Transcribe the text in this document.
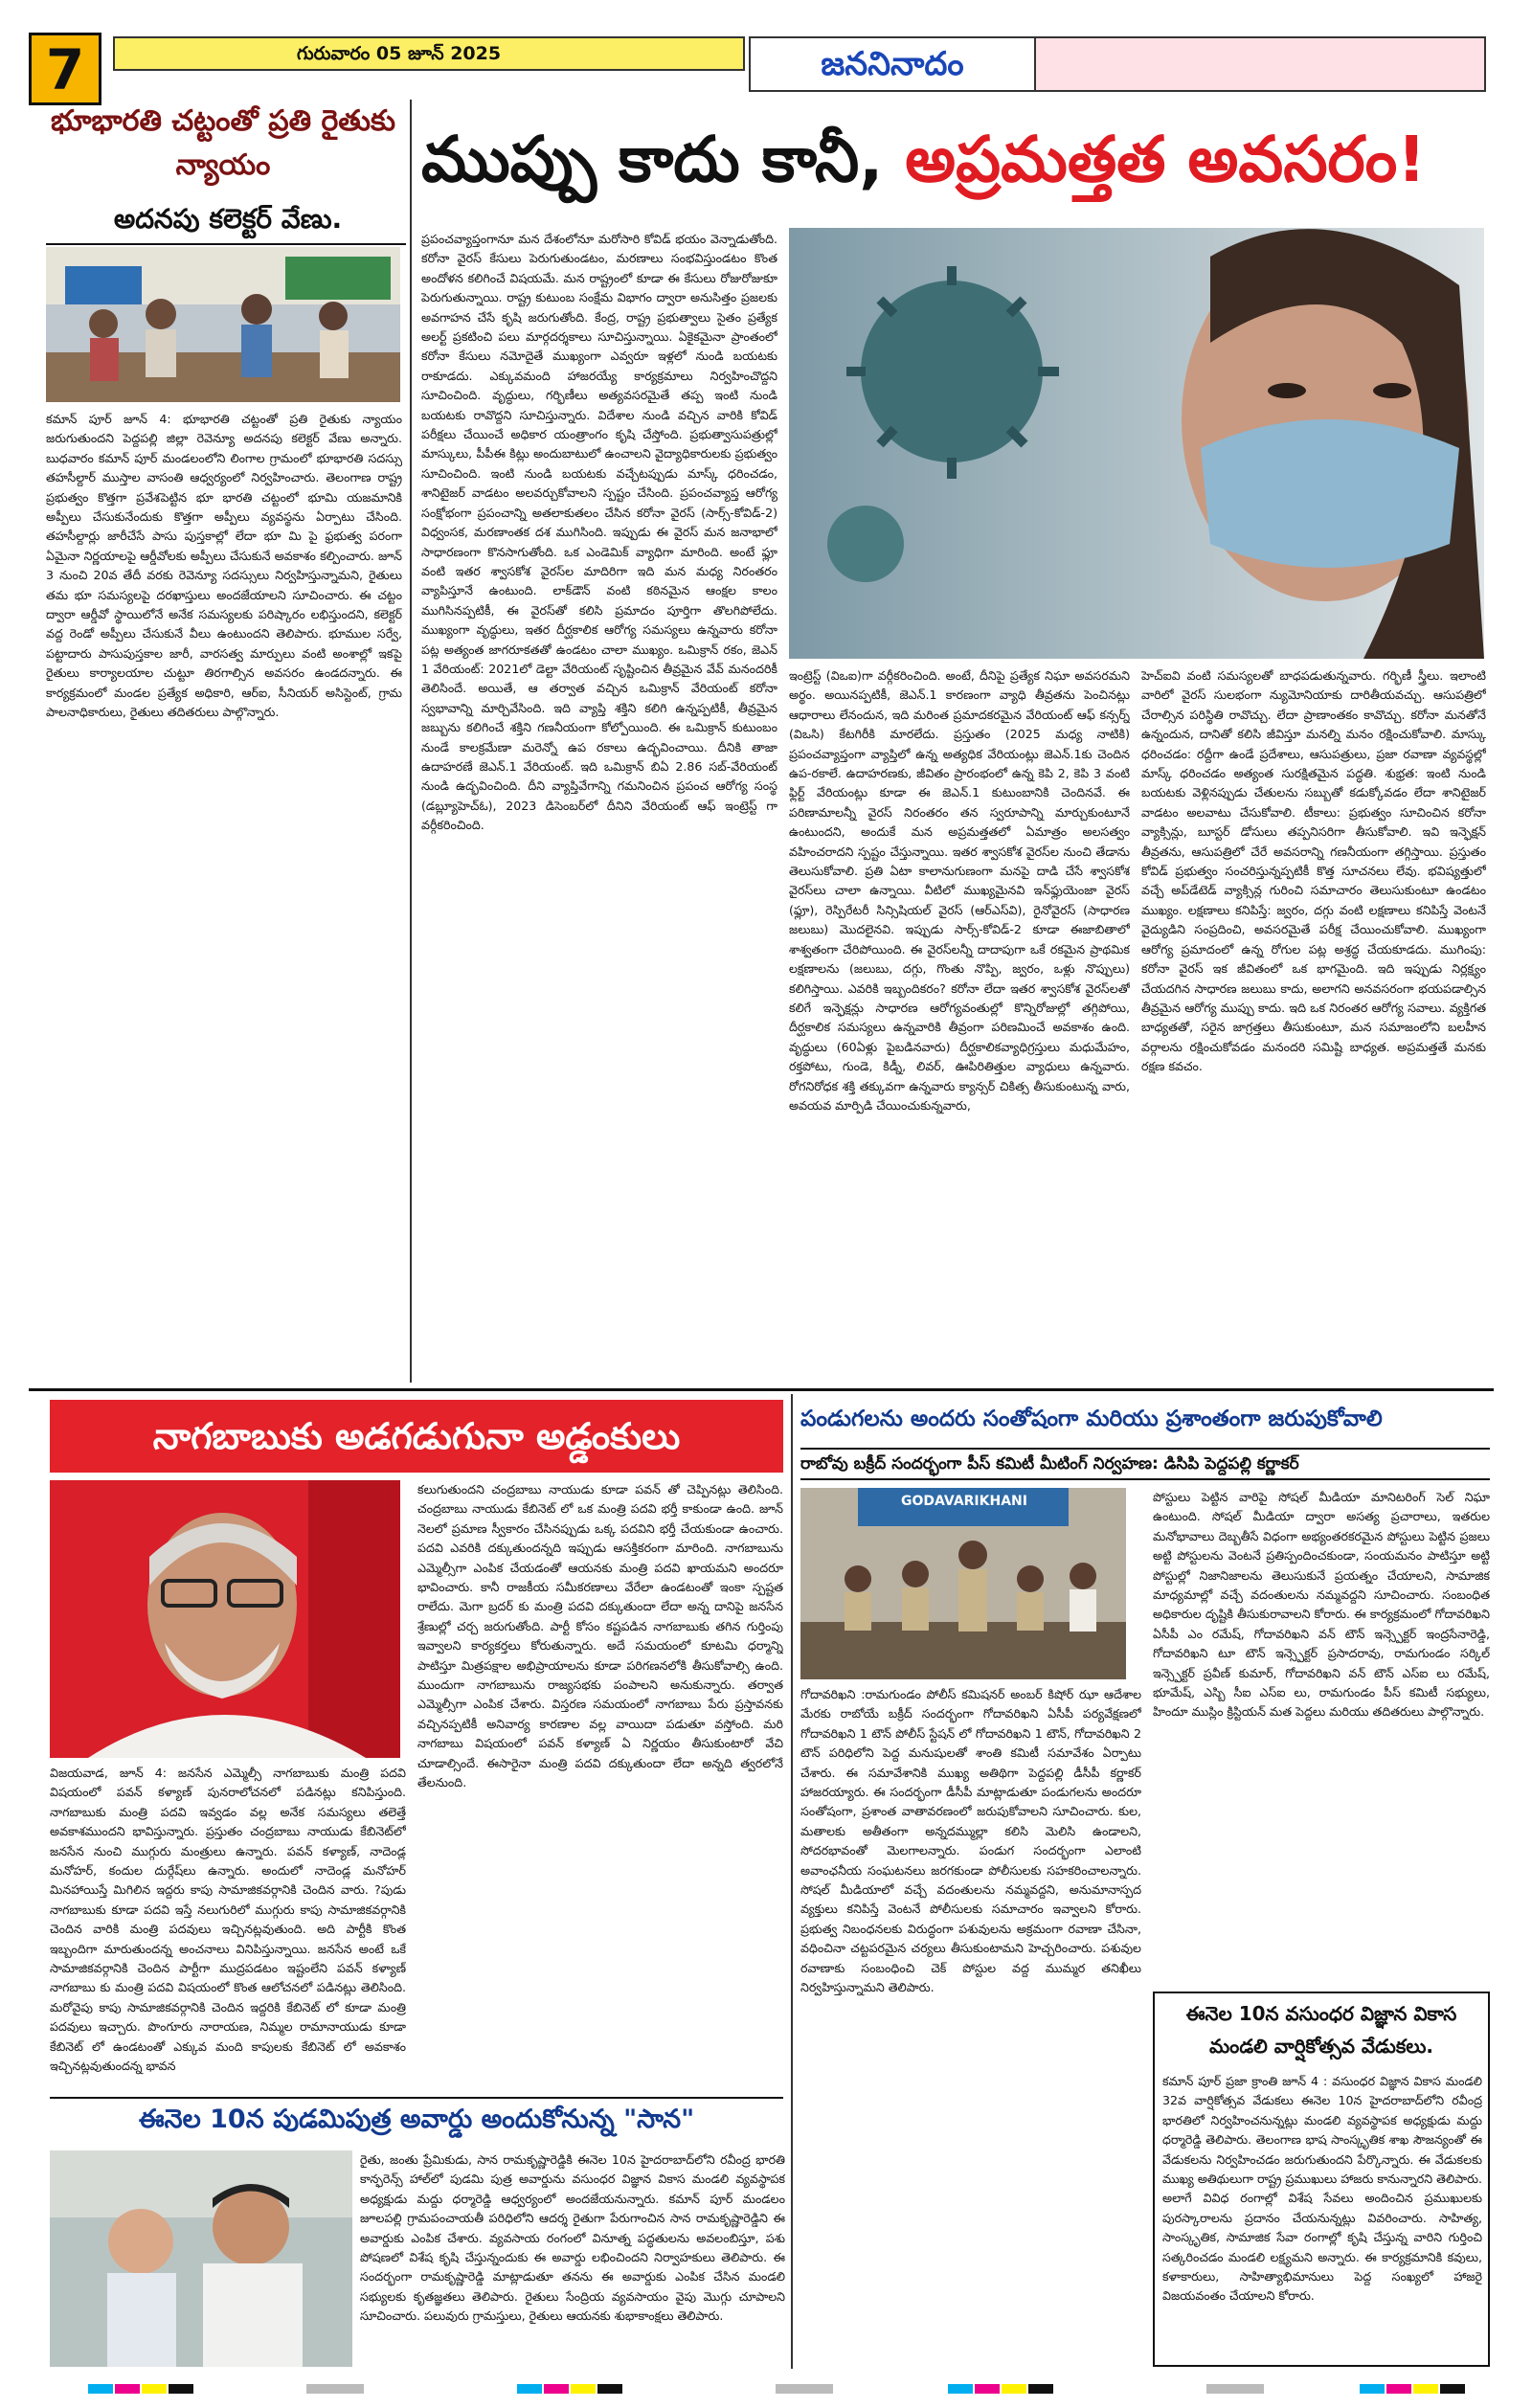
7	గురువారం 05 జూన్ 2025	జననినాదం
భూభారతి చట్టంతో ప్రతి రైతుకు న్యాయం
అదనపు కలెక్టర్ వేణు.
కమాన్ పూర్ జూన్ 4: భూభారతి చట్టంతో ప్రతి రైతుకు న్యాయం జరుగుతుందని పెద్దపల్లి జిల్లా రెవెన్యూ అదనపు కలెక్టర్ వేణు అన్నారు. బుధవారం కమాన్ పూర్ మండలంలోని లింగాల గ్రామంలో భూభారతి సదస్సు తహసీల్దార్ ముస్తాల వాసంతి ఆధ్వర్యంలో నిర్వహించారు. తెలంగాణ రాష్ట్ర ప్రభుత్వం కొత్తగా ప్రవేశపెట్టిన భూ భారతి చట్టంలో భూమి యజమానికి అప్పీలు చేసుకునేందుకు కొత్తగా అప్పీలు వ్యవస్థను ఏర్పాటు చేసింది. తహసీల్దార్లు జారీచేసే పాసు పుస్తకాల్లో లేదా భూ మి పై ఫ్రభుత్వ పరంగా ఏమైనా నిర్ణయాలపై ఆర్డీవోలకు అప్పీలు చేసుకునే అవకాశం కల్పించారు. జూన్ 3 నుంచి 20వ తేదీ వరకు రెవెన్యూ సదస్సులు నిర్వహిస్తున్నామని, రైతులు తమ భూ సమస్యలపై దరఖాస్తులు అందజేయాలని సూచించారు. ఈ చట్టం ద్వారా ఆర్డీవో స్థాయిలోనే అనేక సమస్యలకు పరిష్కారం లభిస్తుందని, కలెక్టర్ వద్ద రెండో అప్పీలు చేసుకునే వీలు ఉంటుందని తెలిపారు. భూముల సర్వే, పట్టాదారు పాసుపుస్తకాల జారీ, వారసత్వ మార్పులు వంటి అంశాల్లో ఇకపై రైతులు కార్యాలయాల చుట్టూ తిరగాల్సిన అవసరం ఉండదన్నారు. ఈ కార్యక్రమంలో మండల ప్రత్యేక అధికారి, ఆర్ఐ, సీనియర్ అసిస్టెంట్, గ్రామ పాలనాధికారులు, రైతులు తదితరులు పాల్గొన్నారు.
ముప్పు కాదు కానీ, అప్రమత్తత అవసరం!
ప్రపంచవ్యాప్తంగానూ మన దేశంలోనూ మరోసారి కోవిడ్ భయం వెన్నాడుతోంది. కరోనా వైరస్ కేసులు పెరుగుతుండటం, మరణాలు సంభవిస్తుండటం కొంత అందోళన కలిగించే విషయమే. మన రాష్ట్రంలో కూడా ఈ కేసులు రోజురోజుకూ పెరుగుతున్నాయి. రాష్ట్ర కుటుంబ సంక్షేమ విభాగం ద్వారా అనుసిత్తం ప్రజలకు అవగాహన చేసే కృషి జరుగుతోంది. కేంద్ర, రాష్ట్ర ప్రభుత్వాలు సైతం ప్రత్యేక అలర్ట్ ప్రకటించి పలు మార్గదర్శకాలు సూచిస్తున్నాయి. ఏకైకమైనా ప్రాంతంలో కరోనా కేసులు నమోదైతే ముఖ్యంగా ఎవ్వరూ ఇళ్లలో నుండి బయటకు రాకూడదు. ఎక్కువమంది హాజరయ్యే కార్యక్రమాలు నిర్వహించొద్దని సూచించింది. వృద్ధులు, గర్భిణీలు అత్యవసరమైతే తప్ప ఇంటి నుండి బయటకు రావొద్దని సూచిస్తున్నారు. విదేశాల నుండి వచ్చిన వారికి కోవిడ్ పరీక్షలు చేయించే అధికార యంత్రాంగం కృషి చేస్తోంది. ప్రభుత్వాసుపత్రుల్లో మాస్కులు, పీపీఈ కిట్లు అందుబాటులో ఉంచాలని వైద్యాధికారులకు ప్రభుత్వం సూచించింది. ఇంటి నుండి బయటకు వచ్చేటప్పుడు మాస్క్ ధరించడం, శానిటైజర్ వాడటం అలవర్చుకోవాలని స్పష్టం చేసింది. ప్రపంచవ్యాప్త ఆరోగ్య సంక్షోభంగా ప్రపంచాన్ని అతలాకుతలం చేసిన కరోనా వైరస్ (సార్స్-కోవిడ్-2) విధ్వంసక, మరణాంతక దశ ముగిసింది. ఇప్పుడు ఈ వైరస్ మన జనాభాలో సాధారణంగా కొనసాగుతోంది. ఒక ఎండెమిక్ వ్యాధిగా మారింది. అంటే ఫ్లూ వంటి ఇతర శ్వాసకోశ వైరస్‌ల మాదిరిగా ఇది మన మధ్య నిరంతరం వ్యాపిస్తూనే ఉంటుంది. లాక్‌డౌన్ వంటి కఠినమైన ఆంక్షల కాలం ముగిసినప్పటికీ, ఈ వైరస్‌తో కలిసి ప్రమాదం పూర్తిగా తొలగిపోలేదు. ముఖ్యంగా వృద్ధులు, ఇతర దీర్ఘకాలిక ఆరోగ్య సమస్యలు ఉన్నవారు కరోనా పట్ల అత్యంత జాగరూకతతో ఉండటం చాలా ముఖ్యం. ఒమిక్రాన్ రకం, జెఎన్ 1 వేరియంట్: 2021లో డెల్టా వేరియంట్ సృష్టించిన తీవ్రమైన వేవ్ మనందరికీ తెలిసిందే. అయితే, ఆ తర్వాత వచ్చిన ఒమిక్రాన్ వేరియంట్ కరోనా స్వభావాన్ని మార్చివేసింది. ఇది వ్యాప్తి శక్తిని కలిగి ఉన్నప్పటికీ, తీవ్రమైన జబ్బును కలిగించే శక్తిని గణనీయంగా కోల్పోయింది. ఈ ఒమిక్రాన్ కుటుంబం నుండే కాలక్రమేణా మరెన్నో ఉప రకాలు ఉద్భవించాయి. దీనికి తాజా ఉదాహరణే జెఎన్.1 వేరియంట్. ఇది ఒమిక్రాన్ బిఏ 2.86 సబ్-వేరియంట్ నుండి ఉద్భవించింది. దీని వ్యాప్తివేగాన్ని గమనించిన ప్రపంచ ఆరోగ్య సంస్థ (డబ్ల్యూహెచ్ఓ), 2023 డిసెంబర్‌లో దీనిని వేరియంట్ ఆఫ్ ఇంట్రెస్ట్ గా వర్గీకరించింది.
ఇంట్రెస్ట్ (విఒఐ)గా వర్గీకరించింది. అంటే, దీనిపై ప్రత్యేక నిఘా అవసరమని అర్థం. అయినప్పటికీ, జెఎన్.1 కారణంగా వ్యాధి తీవ్రతను పెంచినట్లు ఆధారాలు లేనందున, ఇది మరింత ప్రమాదకరమైన వేరియంట్ ఆఫ్ కన్సర్న్ (విఒసి) కేటగిరీకి మారలేదు. ప్రస్తుతం (2025 మధ్య నాటికి) ప్రపంచవ్యాప్తంగా వ్యాప్తిలో ఉన్న అత్యధిక వేరియంట్లు జెఎన్.1కు చెందిన ఉప-రకాలే. ఉదాహరణకు, జీవితం ప్రారంభంలో ఉన్న కెపి 2, కెపి 3 వంటి ఫ్లిర్ట్ వేరియంట్లు కూడా ఈ జెఎన్.1 కుటుంబానికి చెందినవే. ఈ పరిణామాలన్నీ వైరస్ నిరంతరం తన స్వరూపాన్ని మార్చుకుంటూనే ఉంటుందని, అందుకే మన అప్రమత్తతలో ఏమాత్రం అలసత్వం వహించరాదని స్పష్టం చేస్తున్నాయి. ఇతర శ్వాసకోశ వైరస్‌ల నుంచి తేడాను తెలుసుకోవాలి. ప్రతి ఏటా కాలానుగుణంగా మనపై దాడి చేసే శ్వాసకోశ వైరస్‌లు చాలా ఉన్నాయి. వీటిలో ముఖ్యమైనవి ఇన్‌ఫ్లుయెంజా వైరస్ (ఫ్లూ), రెస్పిరేటరీ సిన్సిషియల్ వైరస్ (ఆర్ఎస్‌వి), రైనోవైరస్ (సాధారణ జలుబు) మొదలైనవి. ఇప్పుడు సార్స్-కోవిడ్-2 కూడా ఈజాబితాలో శాశ్వతంగా చేరిపోయింది. ఈ వైరస్‌లన్నీ దాదాపుగా ఒకే రకమైన ప్రాథమిక లక్షణాలను (జలుబు, దగ్గు, గొంతు నొప్పి, జ్వరం, ఒళ్లు నొప్పులు) కలిగిస్తాయి. ఎవరికి ఇబ్బందికరం? కరోనా లేదా ఇతర శ్వాసకోశ వైరస్‌లతో కలిగే ఇన్ఫెక్షన్లు సాధారణ ఆరోగ్యవంతుల్లో కొన్నిరోజుల్లో తగ్గిపోయి, దీర్ఘకాలిక సమస్యలు ఉన్నవారికి తీవ్రంగా పరిణమించే అవకాశం ఉంది. వృద్ధులు (60ఏళ్లు పైబడినవారు) దీర్ఘకాలికవ్యాధిగ్రస్తులు మధుమేహం, రక్తపోటు, గుండె, కిడ్నీ, లివర్, ఊపిరితిత్తుల వ్యాధులు ఉన్నవారు. రోగనిరోధక శక్తి తక్కువగా ఉన్నవారు క్యాన్సర్ చికిత్స తీసుకుంటున్న వారు, అవయవ మార్పిడి చేయించుకున్నవారు,
హెచ్ఐవి వంటి సమస్యలతో బాధపడుతున్నవారు. గర్భిణీ స్త్రీలు. ఇలాంటి వారిలో వైరస్ సులభంగా న్యుమోనియాకు దారితీయవచ్చు. ఆసుపత్రిలో చేరాల్సిన పరిస్థితి రావొచ్చు. లేదా ప్రాణాంతకం కావొచ్చు. కరోనా మనతోనే ఉన్నందున, దానితో కలిసి జీవిస్తూ మనల్ని మనం రక్షించుకోవాలి. మాస్కు ధరించడం: రద్దీగా ఉండే ప్రదేశాలు, ఆసుపత్రులు, ప్రజా రవాణా వ్యవస్థల్లో మాస్క్ ధరించడం అత్యంత సురక్షితమైన పద్ధతి. శుభ్రత: ఇంటి నుండి బయటకు వెళ్లినప్పుడు చేతులను సబ్బుతో కడుక్కోవడం లేదా శానిటైజర్ వాడటం అలవాటు చేసుకోవాలి. టీకాలు: ప్రభుత్వం సూచించిన కరోనా వ్యాక్సిన్లు, బూస్టర్ డోసులు తప్పనిసరిగా తీసుకోవాలి. ఇవి ఇన్ఫెక్షన్ తీవ్రతను, ఆసుపత్రిలో చేరే అవసరాన్ని గణనీయంగా తగ్గిస్తాయి. ప్రస్తుతం కోవిడ్ ప్రభుత్వం సంచరిస్తున్నప్పటికీ కొత్త సూచనలు లేవు. భవిష్యత్తులో వచ్చే అప్‌డేటెడ్ వ్యాక్సిన్ల గురించి సమాచారం తెలుసుకుంటూ ఉండటం ముఖ్యం. లక్షణాలు కనిపిస్తే: జ్వరం, దగ్గు వంటి లక్షణాలు కనిపిస్తే వెంటనే వైద్యుడిని సంప్రదించి, అవసరమైతే పరీక్ష చేయించుకోవాలి. ముఖ్యంగా ఆరోగ్య ప్రమాదంలో ఉన్న రోగుల పట్ల అశ్రద్ధ చేయకూడదు. ముగింపు: కరోనా వైరస్ ఇక జీవితంలో ఒక భాగమైంది. ఇది ఇప్పుడు నిర్లక్ష్యం చేయదగిన సాధారణ జలుబు కాదు, అలాగని అనవసరంగా భయపడాల్సిన తీవ్రమైన ఆరోగ్య ముప్పు కాదు. ఇది ఒక నిరంతర ఆరోగ్య సవాలు. వ్యక్తిగత బాధ్యతతో, సరైన జాగ్రత్తలు తీసుకుంటూ, మన సమాజంలోని బలహీన వర్గాలను రక్షించుకోవడం మనందరి సమిష్టి బాధ్యత. అప్రమత్తతే మనకు రక్షణ కవచం.
నాగబాబుకు అడగడుగునా అడ్డంకులు
విజయవాడ, జూన్ 4: జనసేన ఎమ్మెల్సీ నాగబాబుకు మంత్రి పదవి విషయంలో పవన్ కళ్యాణ్ పునరాలోచనలో పడినట్లు కనిపిస్తుంది. నాగబాబుకు మంత్రి పదవి ఇవ్వడం వల్ల అనేక సమస్యలు తలెత్తే అవకాశముందని భావిస్తున్నారు. ప్రస్తుతం చంద్రబాబు నాయుడు కేబినెట్‌లో జనసేన నుంచి ముగ్గురు మంత్రులు ఉన్నారు. పవన్ కళ్యాణ్, నాదెండ్ల మనోహర్, కందుల దుర్గేష్‌లు ఉన్నారు. అందులో నాదెండ్ల మనోహర్ మినహాయిస్తే మిగిలిన ఇద్దరు కాపు సామాజికవర్గానికి చెందిన వారు. ?పుడు నాగబాబుకు కూడా పదవి ఇస్తే నలుగురిలో ముగ్గురు కాపు సామాజికవర్గానికి చెందిన వారికి మంత్రి పదవులు ఇచ్చినట్లవుతుంది. అది పార్టీకి కొంత ఇబ్బందిగా మారుతుందన్న అంచనాలు వినిపిస్తున్నాయి. జనసేన అంటే ఒకే సామాజికవర్గానికి చెందిన పార్టీగా ముద్రపడటం ఇష్టంలేని పవన్ కళ్యాణ్ నాగబాబు కు మంత్రి పదవి విషయంలో కొంత ఆలోచనలో పడినట్లు తెలిసింది. మరోవైపు కాపు సామాజికవర్గానికి చెందిన ఇద్దరికి కేబినెట్ లో కూడా మంత్రి పదవులు ఇచ్చారు. పొంగూరు నారాయణ, నిమ్మల రామానాయుడు కూడా కేబినెట్ లో ఉండటంతో ఎక్కువ మంది కాపులకు కేబినెట్ లో అవకాశం ఇచ్చినట్లవుతుందన్న భావన
కలుగుతుందని చంద్రబాబు నాయుడు కూడా పవన్ తో చెప్పినట్లు తెలిసింది. చంద్రబాబు నాయుడు కేబినెట్ లో ఒక మంత్రి పదవి భర్తీ కాకుండా ఉంది. జూన్ నెలలో ప్రమాణ స్వీకారం చేసినప్పుడు ఒక్క పదవిని భర్తీ చేయకుండా ఉంచారు. పదవి ఎవరికి దక్కుతుందన్నది ఇప్పుడు ఆసక్తికరంగా మారింది. నాగబాబును ఎమ్మెల్సీగా ఎంపిక చేయడంతో ఆయనకు మంత్రి పదవి ఖాయమని అందరూ భావించారు. కానీ రాజకీయ సమీకరణాలు వేరేలా ఉండటంతో ఇంకా స్పష్టత రాలేదు. మెగా బ్రదర్ కు మంత్రి పదవి దక్కుతుందా లేదా అన్న దానిపై జనసేన శ్రేణుల్లో చర్చ జరుగుతోంది. పార్టీ కోసం కష్టపడిన నాగబాబుకు తగిన గుర్తింపు ఇవ్వాలని కార్యకర్తలు కోరుతున్నారు. అదే సమయంలో కూటమి ధర్మాన్ని పాటిస్తూ మిత్రపక్షాల అభిప్రాయాలను కూడా పరిగణనలోకి తీసుకోవాల్సి ఉంది. ముందుగా నాగబాబును రాజ్యసభకు పంపాలని అనుకున్నారు. తర్వాత ఎమ్మెల్సీగా ఎంపిక చేశారు. విస్తరణ సమయంలో నాగబాబు పేరు ప్రస్తావనకు వచ్చినప్పటికీ అనివార్య కారణాల వల్ల వాయిదా పడుతూ వస్తోంది. మరి నాగబాబు విషయంలో పవన్ కళ్యాణ్ ఏ నిర్ణయం తీసుకుంటారో వేచి చూడాల్సిందే. ఈసారైనా మంత్రి పదవి దక్కుతుందా లేదా అన్నది త్వరలోనే తేలనుంది.
ఈనెల 10న పుడమిపుత్ర అవార్డు అందుకోనున్న "సాన"
రైతు, జంతు ప్రేమికుడు, సాన రామకృష్ణారెడ్డికి ఈనెల 10న హైదరాబాద్‌లోని రవీంద్ర భారతి కాన్ఫరెన్స్ హాల్‌లో పుడమి పుత్ర అవార్డును వసుంధర విజ్ఞాన వికాస మండలి వ్యవస్థాపక అధ్యక్షుడు మద్దు ధర్మారెడ్డి ఆధ్వర్యంలో అందజేయనున్నారు. కమాన్ పూర్ మండలం జూలపల్లి గ్రామపంచాయతీ పరిధిలోని ఆదర్శ రైతుగా పేరుగాంచిన సాన రామకృష్ణారెడ్డిని ఈ అవార్డుకు ఎంపిక చేశారు. వ్యవసాయ రంగంలో వినూత్న పద్ధతులను అవలంబిస్తూ, పశు పోషణలో విశేష కృషి చేస్తున్నందుకు ఈ అవార్డు లభించిందని నిర్వాహకులు తెలిపారు. ఈ సందర్భంగా రామకృష్ణారెడ్డి మాట్లాడుతూ తనను ఈ అవార్డుకు ఎంపిక చేసిన మండలి సభ్యులకు కృతజ్ఞతలు తెలిపారు. రైతులు సేంద్రియ వ్యవసాయం వైపు మొగ్గు చూపాలని సూచించారు. పలువురు గ్రామస్తులు, రైతులు ఆయనకు శుభాకాంక్షలు తెలిపారు.
పండుగలను అందరు సంతోషంగా మరియు ప్రశాంతంగా జరుపుకోవాలి
రాబోవు బక్రీద్ సందర్భంగా పీస్ కమిటీ మీటింగ్ నిర్వహణ: డిసిపి పెద్దపల్లి కర్ణాకర్
GODAVARIKHANI
గోదావరిఖని :రామగుండం పోలీస్ కమిషనర్ అంబర్ కిషోర్ ఝా ఆదేశాల మేరకు రాబోయే బక్రీద్ సందర్భంగా గోదావరిఖని ఏసీపీ పర్యవేక్షణలో గోదావరిఖని 1 టౌన్ పోలీస్ స్టేషన్ లో గోదావరిఖని 1 టౌన్, గోదావరిఖని 2 టౌన్ పరిధిలోని పెద్ద మనుషులతో శాంతి కమిటీ సమావేశం ఏర్పాటు చేశారు. ఈ సమావేశానికి ముఖ్య అతిథిగా పెద్దపల్లి డీసీపీ కర్ణాకర్ హాజరయ్యారు. ఈ సందర్భంగా డీసీపీ మాట్లాడుతూ పండుగలను అందరూ సంతోషంగా, ప్రశాంత వాతావరణంలో జరుపుకోవాలని సూచించారు. కుల, మతాలకు అతీతంగా అన్నదమ్ముల్లా కలిసి మెలిసి ఉండాలని, సోదరభావంతో మెలగాలన్నారు. పండుగ సందర్భంగా ఎలాంటి అవాంఛనీయ సంఘటనలు జరగకుండా పోలీసులకు సహకరించాలన్నారు. సోషల్ మీడియాలో వచ్చే వదంతులను నమ్మవద్దని, అనుమానాస్పద వ్యక్తులు కనిపిస్తే వెంటనే పోలీసులకు సమాచారం ఇవ్వాలని కోరారు. ప్రభుత్వ నిబంధనలకు విరుద్ధంగా పశువులను అక్రమంగా రవాణా చేసినా, వధించినా చట్టపరమైన చర్యలు తీసుకుంటామని హెచ్చరించారు. పశువుల రవాణాకు సంబంధించి చెక్ పోస్టుల వద్ద ముమ్మర తనిఖీలు నిర్వహిస్తున్నామని తెలిపారు.
పోస్టులు పెట్టిన వారిపై సోషల్ మీడియా మానిటరింగ్ సెల్ నిఘా ఉంటుంది. సోషల్ మీడియా ద్వారా అసత్య ప్రచారాలు, ఇతరుల మనోభావాలు దెబ్బతీసే విధంగా అభ్యంతరకరమైన పోస్టులు పెట్టిన ప్రజలు అట్టి పోస్టులను వెంటనే ప్రతిస్పందించకుండా, సంయమనం పాటిస్తూ అట్టి పోస్టుల్లో నిజానిజాలను తెలుసుకునే ప్రయత్నం చేయాలని, సామాజిక మాధ్యమాల్లో వచ్చే వదంతులను నమ్మవద్దని సూచించారు. సంబంధిత అధికారుల దృష్టికి తీసుకురావాలని కోరారు. ఈ కార్యక్రమంలో గోదావరిఖని ఏసీపీ ఎం రమేష్, గోదావరిఖని వన్ టౌన్ ఇన్స్పెక్టర్ ఇంద్రసేనారెడ్డి, గోదావరిఖని టూ టౌన్ ఇన్స్పెక్టర్ ప్రసాదరావు, రామగుండం సర్కిల్ ఇన్స్పెక్టర్ ప్రవీణ్ కుమార్, గోదావరిఖని వన్ టౌన్ ఎస్ఐ లు రమేష్, భూమేష్, ఎస్బి సీఐ ఎస్ఐ లు, రామగుండం పీస్ కమిటీ సభ్యులు, హిందూ ముస్లిం క్రిస్టియన్ మత పెద్దలు మరియు తదితరులు పాల్గొన్నారు.
ఈనెల 10న వసుంధర విజ్ఞాన వికాస మండలి వార్షికోత్సవ వేడుకలు.
కమాన్ పూర్ ప్రజా క్రాంతి జూన్ 4 : వసుంధర విజ్ఞాన వికాస మండలి 32వ వార్షికోత్సవ వేడుకలు ఈనెల 10న హైదరాబాద్‌లోని రవీంద్ర భారతిలో నిర్వహించనున్నట్లు మండలి వ్యవస్థాపక అధ్యక్షుడు మద్దు ధర్మారెడ్డి తెలిపారు. తెలంగాణ భాష సాంస్కృతిక శాఖ సౌజన్యంతో ఈ వేడుకలను నిర్వహించడం జరుగుతుందని పేర్కొన్నారు. ఈ వేడుకలకు ముఖ్య అతిథులుగా రాష్ట్ర ప్రముఖులు హాజరు కానున్నారని తెలిపారు. అలాగే వివిధ రంగాల్లో విశేష సేవలు అందించిన ప్రముఖులకు పురస్కారాలను ప్రదానం చేయనున్నట్లు వివరించారు. సాహిత్య, సాంస్కృతిక, సామాజిక సేవా రంగాల్లో కృషి చేస్తున్న వారిని గుర్తించి సత్కరించడం మండలి లక్ష్యమని అన్నారు. ఈ కార్యక్రమానికి కవులు, కళాకారులు, సాహిత్యాభిమానులు పెద్ద సంఖ్యలో హాజరై విజయవంతం చేయాలని కోరారు.
